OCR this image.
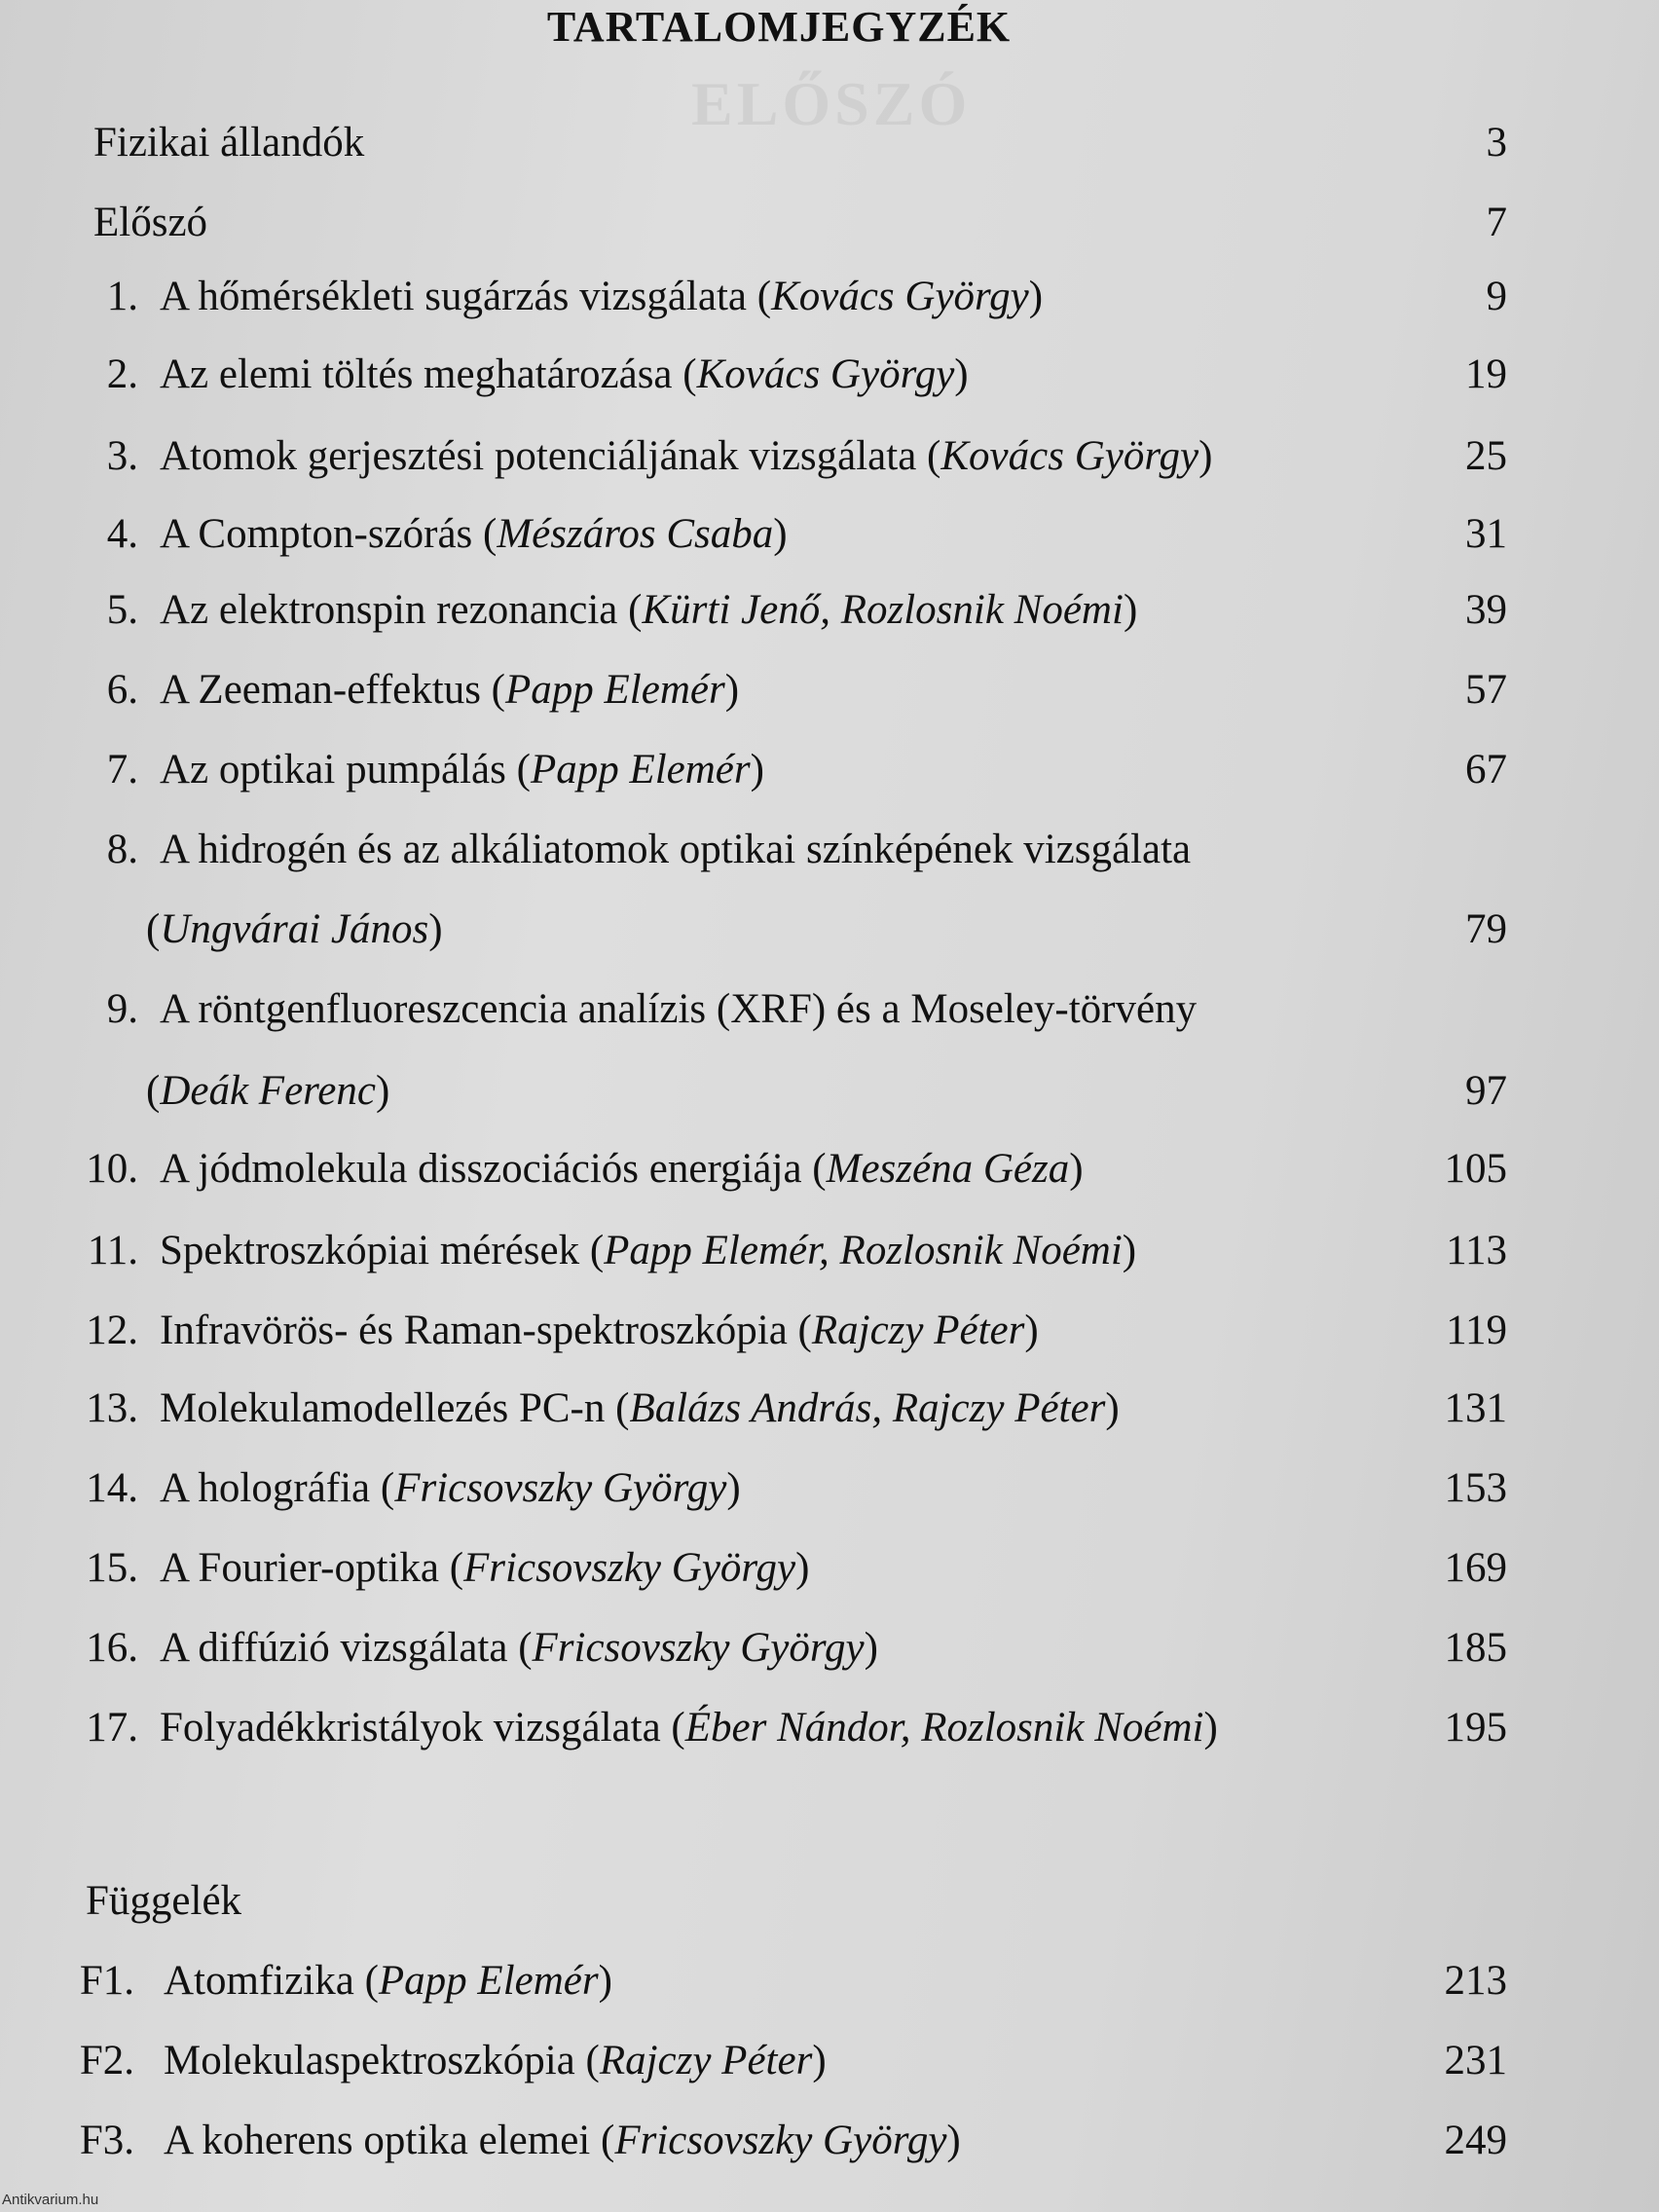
ELŐSZÓ
TARTALOMJEGYZÉK
Fizikai állandók	3
Előszó	7
1. A hőmérsékleti sugárzás vizsgálata (Kovács György)	9
2. Az elemi töltés meghatározása (Kovács György)	19
3. Atomok gerjesztési potenciáljának vizsgálata (Kovács György)	25
4. A Compton-szórás (Mészáros Csaba)	31
5. Az elektronspin rezonancia (Kürti Jenő, Rozlosnik Noémi)	39
6. A Zeeman-effektus (Papp Elemér)	57
7. Az optikai pumpálás (Papp Elemér)	67
8. A hidrogén és az alkáliatomok optikai színképének vizsgálata
(Ungvárai János)	79
9. A röntgenfluoreszcencia analízis (XRF) és a Moseley-törvény
(Deák Ferenc)	97
10. A jódmolekula disszociációs energiája (Meszéna Géza)	105
11. Spektroszkópiai mérések (Papp Elemér, Rozlosnik Noémi)	113
12. Infravörös- és Raman-spektroszkópia (Rajczy Péter)	119
13. Molekulamodellezés PC-n (Balázs András, Rajczy Péter)	131
14. A holográfia (Fricsovszky György)	153
15. A Fourier-optika (Fricsovszky György)	169
16. A diffúzió vizsgálata (Fricsovszky György)	185
17. Folyadékkristályok vizsgálata (Éber Nándor, Rozlosnik Noémi)	195
Függelék
F1. Atomfizika (Papp Elemér)	213
F2. Molekulaspektroszkópia (Rajczy Péter)	231
F3. A koherens optika elemei (Fricsovszky György)	249
Antikvarium.hu
